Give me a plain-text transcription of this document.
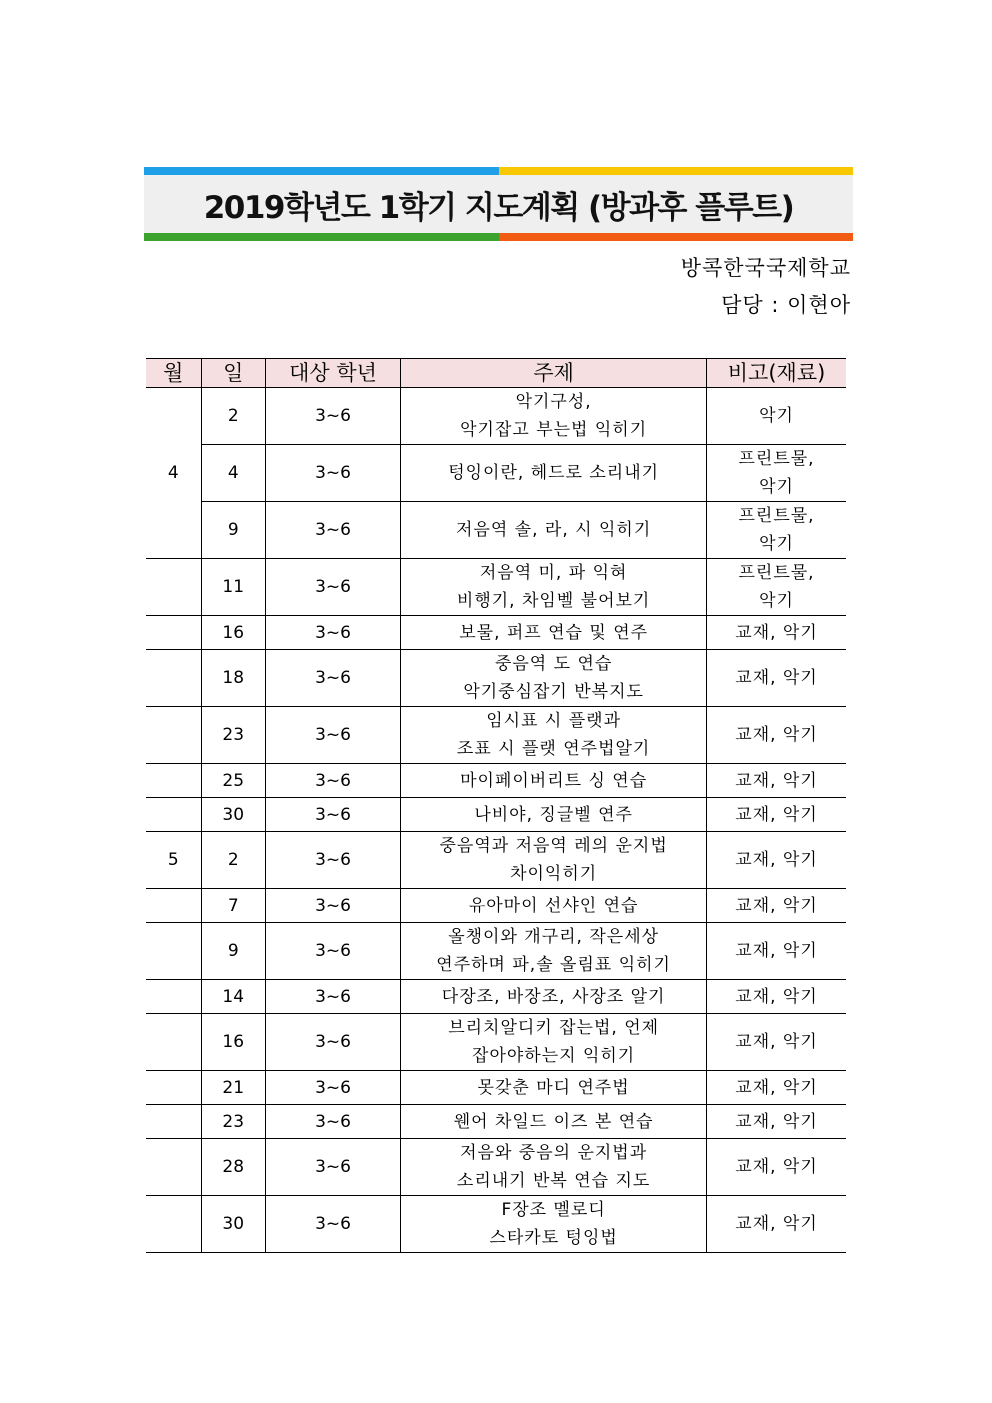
2019학년도 1학기 지도계획 (방과후 플루트)
방콕한국국제학교
담당 : 이현아
월	일	대상 학년	주제	비고(재료)
4	2	3~6	악기구성,
악기잡고 부는법 익히기	악기

	4	3~6	텅잉이란, 헤드로 소리내기	프린트물,
악기

	9	3~6	저음역 솔, 라, 시 익히기	프린트물,
악기

	11	3~6	저음역 미, 파 익혀
비행기, 차임벨 불어보기	프린트물,
악기

	16	3~6	보물, 퍼프 연습 및 연주	교재, 악기

	18	3~6	중음역 도 연습
악기중심잡기 반복지도	교재, 악기

	23	3~6	임시표 시 플랫과
조표 시 플랫 연주법알기	교재, 악기

	25	3~6	마이페이버리트 싱 연습	교재, 악기

	30	3~6	나비야, 징글벨 연주	교재, 악기

5	2	3~6	중음역과 저음역 레의 운지법
차이익히기	교재, 악기

	7	3~6	유아마이 선샤인 연습	교재, 악기

	9	3~6	올챙이와 개구리, 작은세상
연주하며 파,솔 올림표 익히기	교재, 악기

	14	3~6	다장조, 바장조, 사장조 알기	교재, 악기

	16	3~6	브리치알디키 잡는법, 언제
잡아야하는지 익히기	교재, 악기

	21	3~6	못갖춘 마디 연주법	교재, 악기

	23	3~6	웬어 차일드 이즈 본 연습	교재, 악기

	28	3~6	저음와 중음의 운지법과
소리내기 반복 연습 지도	교재, 악기

	30	3~6	F장조 멜로디
스타카토 텅잉법	교재, 악기
